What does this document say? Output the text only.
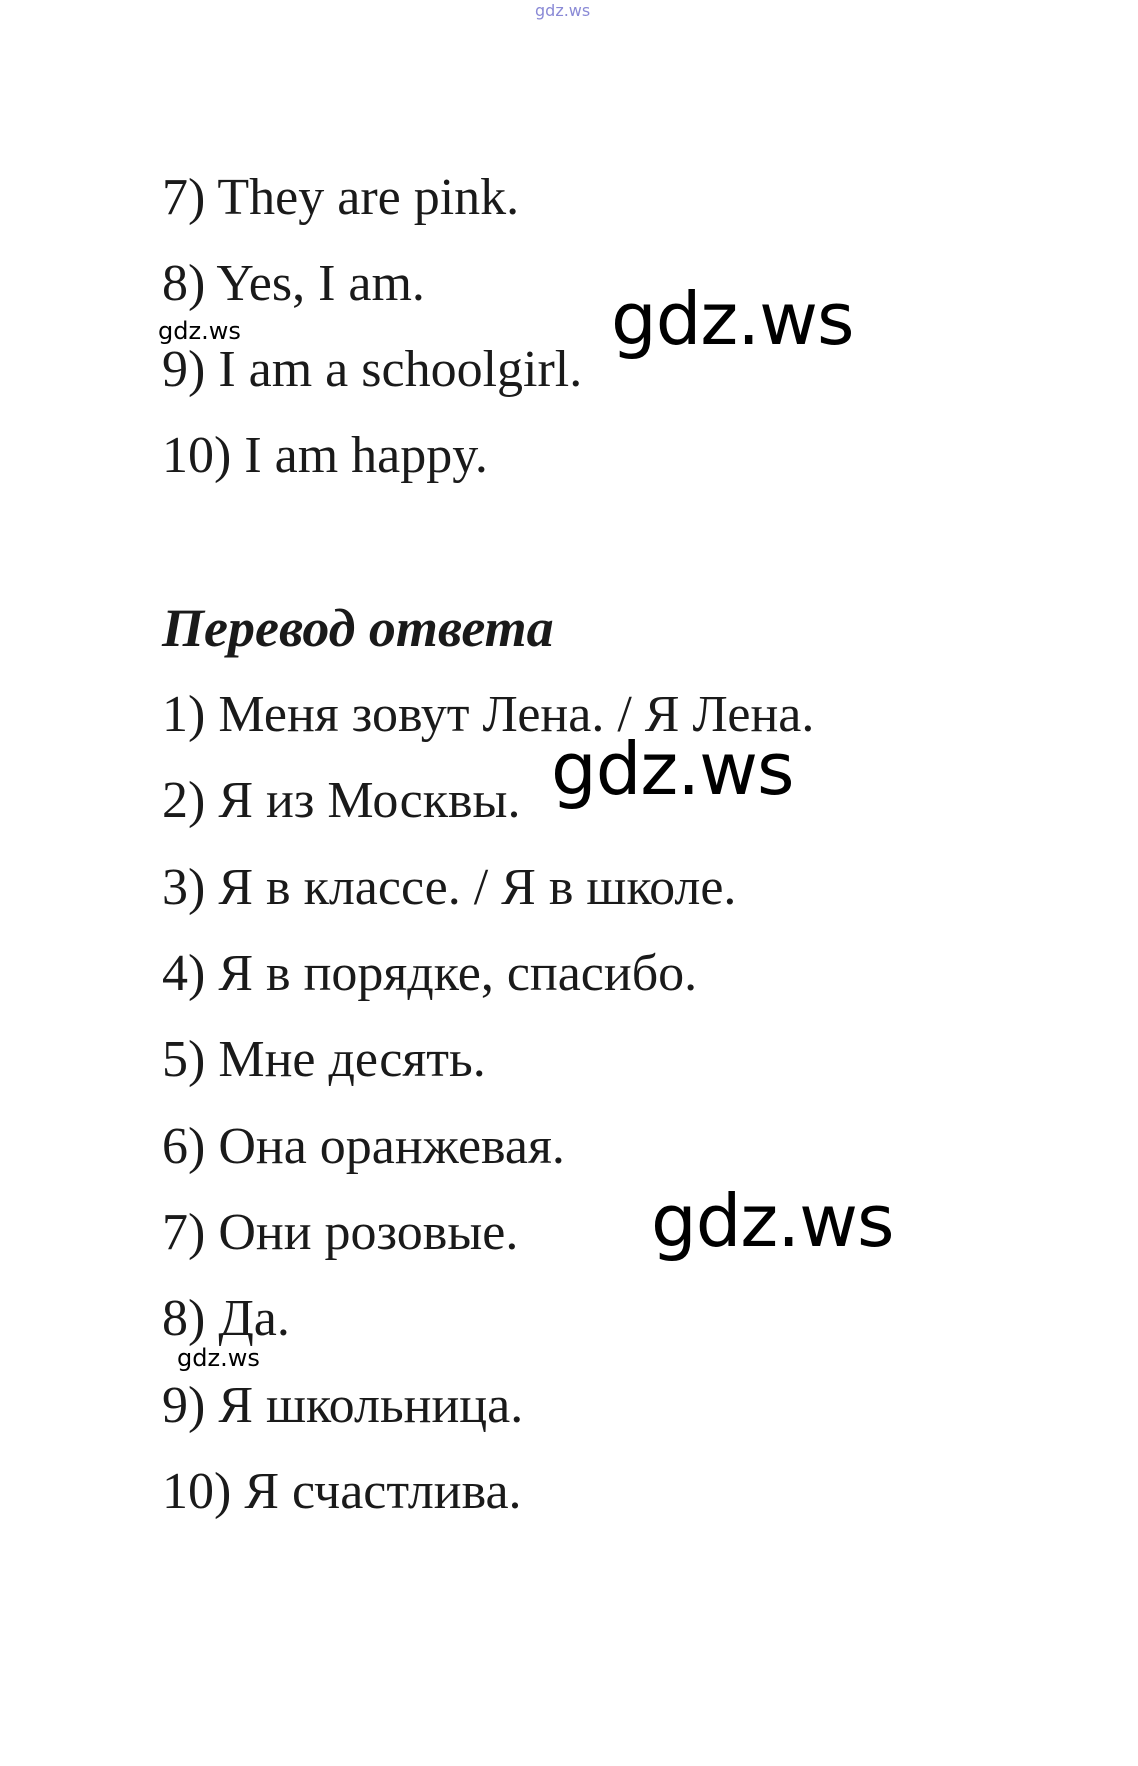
gdz.ws

7) They are pink.

8) Yes, I am.

9) I am a schoolgirl.

10) I am happy.

gdz.ws
gdz.ws
Перевод ответа

1) Меня зовут Лена. / Я Лена.

2) Я из Москвы.

3) Я в классе. / Я в школе.

4) Я в порядке, спасибо.

5) Мне десять.

6) Она оранжевая.

7) Они розовые.

8) Да.

9) Я школьница.

10) Я счастлива.

gdz.ws
gdz.ws
gdz.ws
